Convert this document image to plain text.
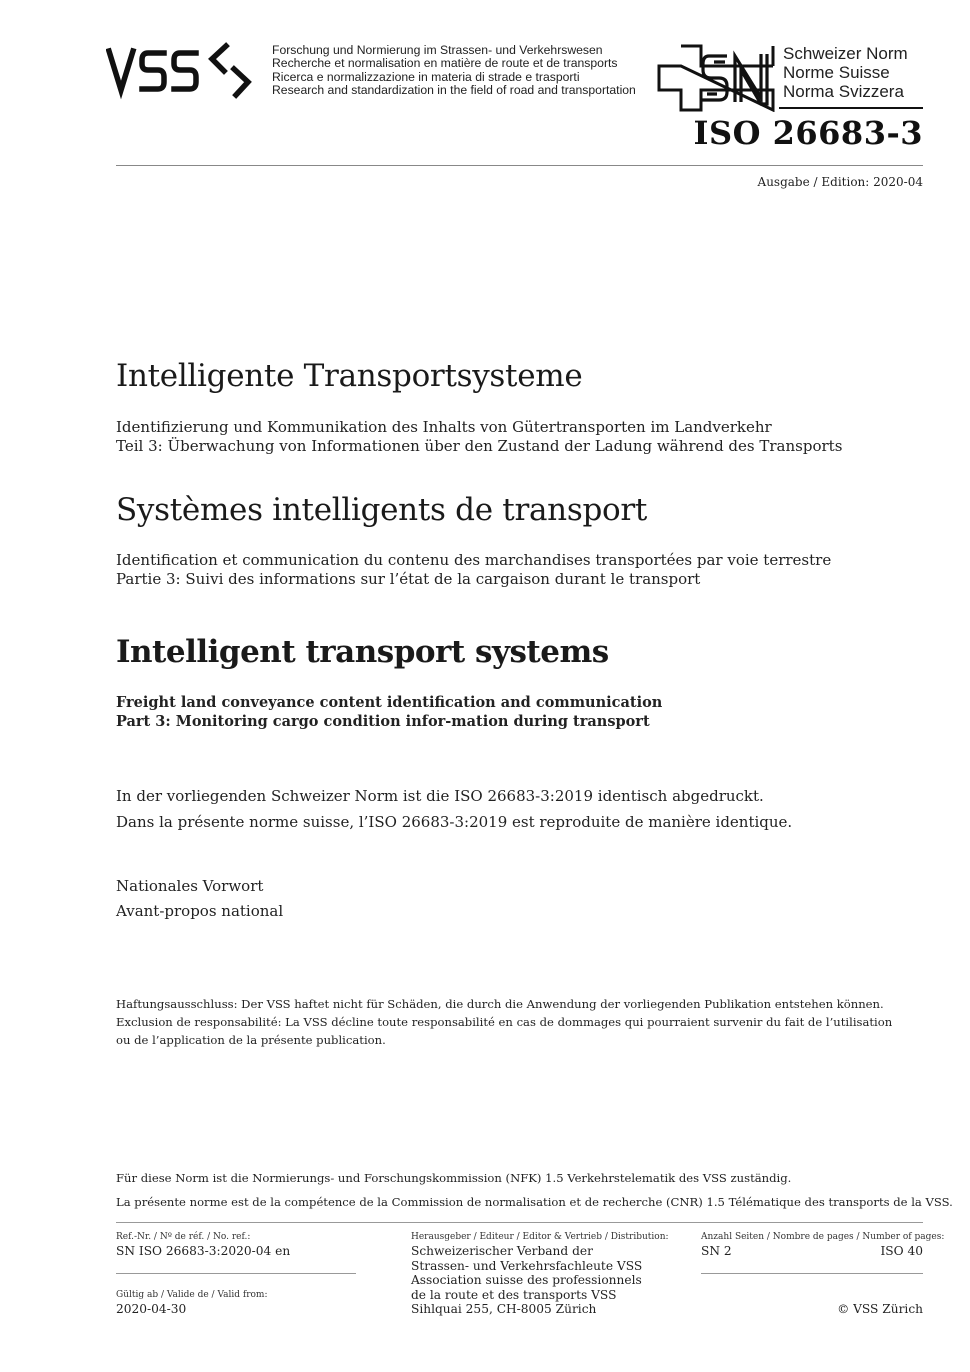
Forschung und Normierung im Strassen- und Verkehrswesen
Recherche et normalisation en matière de route et de transports
Ricerca e normalizzazione in materia di strade e trasporti
Research and standardization in the field of road and transportation
Schweizer Norm
Norme Suisse
Norma Svizzera
ISO 26683-3
Ausgabe / Edition: 2020-04
Intelligente Transportsysteme
Identifizierung und Kommunikation des Inhalts von Gütertransporten im Landverkehr
Teil 3: Überwachung von Informationen über den Zustand der Ladung während des Transports
Systèmes intelligents de transport
Identification et communication du contenu des marchandises transportées par voie terrestre
Partie 3: Suivi des informations sur l’état de la cargaison durant le transport
Intelligent transport systems
Freight land conveyance content identification and communication
Part 3: Monitoring cargo condition infor-mation during transport
In der vorliegenden Schweizer Norm ist die ISO 26683-3:2019 identisch abgedruckt.
Dans la présente norme suisse, l’ISO 26683-3:2019 est reproduite de manière identique.
Nationales Vorwort
Avant-propos national
Haftungsausschluss: Der VSS haftet nicht für Schäden, die durch die Anwendung der vorliegenden Publikation entstehen können.
Exclusion de responsabilité: La VSS décline toute responsabilité en cas de dommages qui pourraient survenir du fait de l’utilisation
ou de l’application de la présente publication.
Für diese Norm ist die Normierungs- und Forschungskommission (NFK) 1.5 Verkehrstelematik des VSS zuständig.
La présente norme est de la compétence de la Commission de normalisation et de recherche (CNR) 1.5 Télématique des transports de la VSS.
Ref.-Nr. / Nº de réf. / No. ref.:
SN ISO 26683-3:2020-04 en
Gültig ab / Valide de / Valid from:
2020-04-30
Herausgeber / Editeur / Editor & Vertrieb / Distribution:
Schweizerischer Verband der
Strassen- und Verkehrsfachleute VSS
Association suisse des professionnels
de la route et des transports VSS
Sihlquai 255, CH-8005 Zürich
Anzahl Seiten / Nombre de pages / Number of pages:
SN 2	ISO 40
© VSS Zürich
